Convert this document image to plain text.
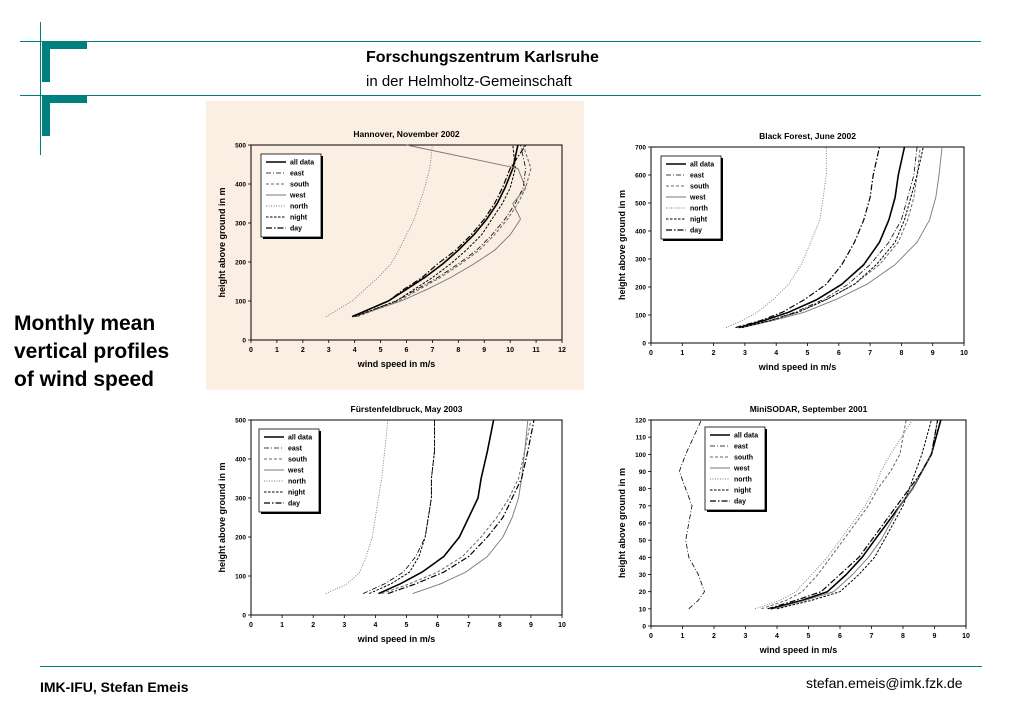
Forschungszentrum Karlsruhe
in der Helmholtz-Gemeinschaft
Monthly mean
vertical profiles
of wind speed
Hannover, November 2002
0	1	2	3	4	5	6	7	8	9	10	11	12
0
100
200
300
400
500
wind speed in m/s
height above ground in m
all data
east
south
west
north
night
day
Black Forest, June 2002
0	1	2	3	4	5	6	7	8	9	10
0
100
200
300
400
500
600
700
wind speed in m/s
height above ground in m
all data
east
south
west
north
night
day
Fürstenfeldbruck, May 2003
0	1	2	3	4	5	6	7	8	9	10
0
100
200
300
400
500
wind speed in m/s
height above ground in m
all data
east
south
west
north
night
day
MiniSODAR, September 2001
0	1	2	3	4	5	6	7	8	9	10
0
10
20
30
40
50
60
70
80
90
100
110
120
wind speed in m/s
height above ground in m
all data
east
south
west
north
night
day
IMK-IFU, Stefan Emeis	stefan.emeis@imk.fzk.de
